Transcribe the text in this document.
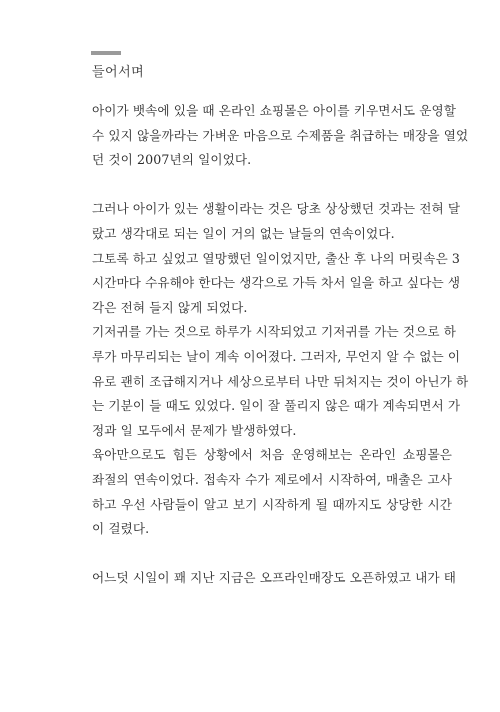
들어서며
아이가 뱃속에 있을 때 온라인 쇼핑몰은 아이를 키우면서도 운영할
수 있지 않을까라는 가벼운 마음으로 수제품을 취급하는 매장을 열었
던 것이 2007년의 일이었다.
그러나 아이가 있는 생활이라는 것은 당초 상상했던 것과는 전혀 달
랐고 생각대로 되는 일이 거의 없는 날들의 연속이었다.
그토록 하고 싶었고 열망했던 일이었지만, 출산 후 나의 머릿속은 3
시간마다 수유해야 한다는 생각으로 가득 차서 일을 하고 싶다는 생
각은 전혀 들지 않게 되었다.
기저귀를 가는 것으로 하루가 시작되었고 기저귀를 가는 것으로 하
루가 마무리되는 날이 계속 이어졌다. 그러자, 무언지 알 수 없는 이
유로 괜히 조급해지거나 세상으로부터 나만 뒤처지는 것이 아닌가 하
는 기분이 들 때도 있었다. 일이 잘 풀리지 않은 때가 계속되면서 가
정과 일 모두에서 문제가 발생하였다.
육아만으로도 힘든 상황에서 처음 운영해보는 온라인 쇼핑몰은
좌절의 연속이었다. 접속자 수가 제로에서 시작하여, 매출은 고사
하고 우선 사람들이 알고 보기 시작하게 될 때까지도 상당한 시간
이 걸렸다.
어느덧 시일이 꽤 지난 지금은 오프라인매장도 오픈하였고 내가 태
